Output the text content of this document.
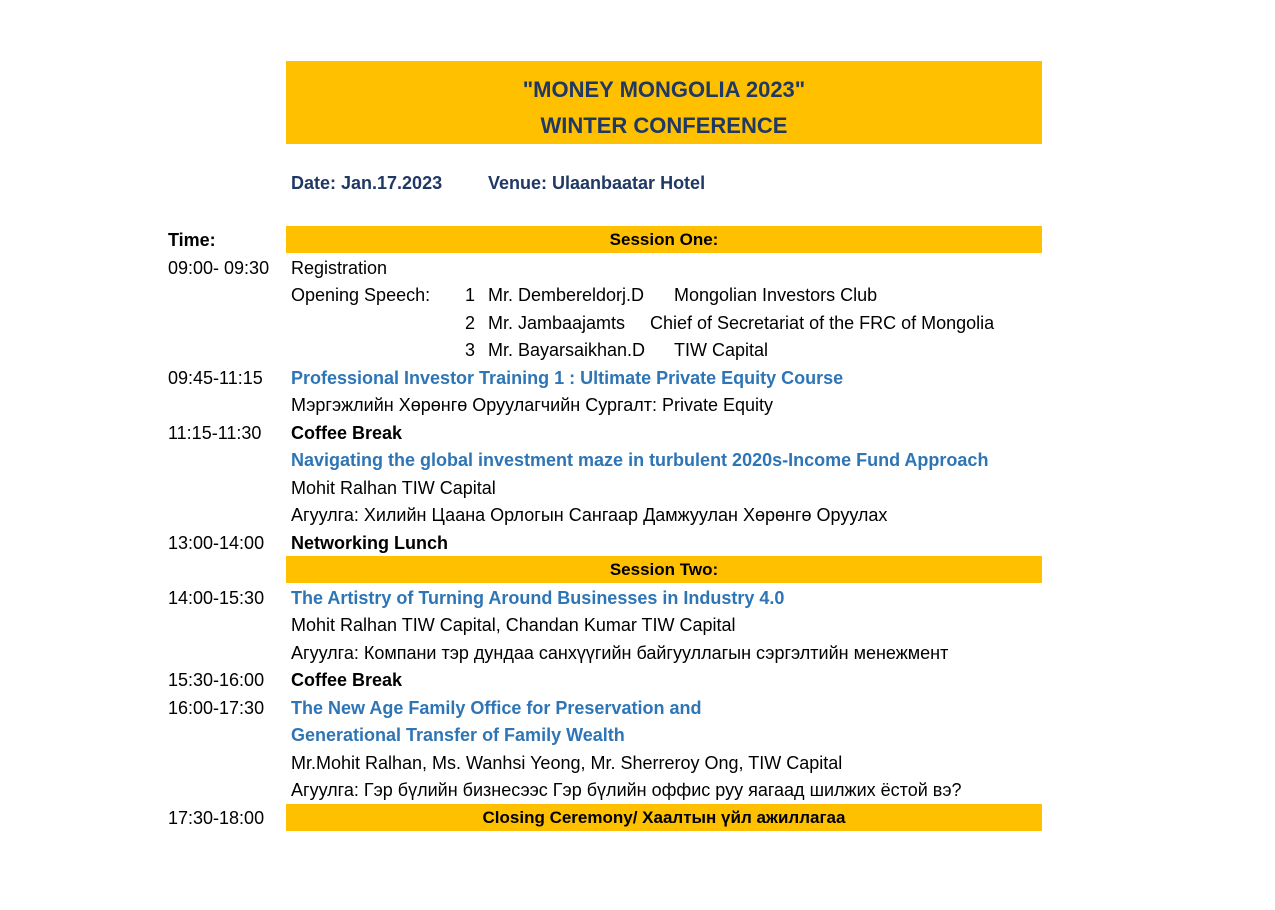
"MONEY MONGOLIA 2023"
WINTER CONFERENCE
Date: Jan.17.2023	Venue: Ulaanbaatar Hotel
Time:	Session One:
09:00- 09:30 Registration
Opening Speech: 1 Mr. Dembereldorj.D Mongolian Investors Club
2 Mr. Jambaajamts Chief of Secretariat of the FRC of Mongolia
3 Mr. Bayarsaikhan.D TIW Capital
09:45-11:15 Professional Investor Training 1 : Ultimate Private Equity Course
Мэргэжлийн Хөрөнгө Оруулагчийн Сургалт: Private Equity
11:15-11:30 Coffee Break
Navigating the global investment maze in turbulent 2020s-Income Fund Approach
Mohit Ralhan TIW Capital
Агуулга: Хилийн Цаана Орлогын Сангаар Дамжуулан Хөрөнгө Оруулах
13:00-14:00 Networking Lunch
Session Two:
14:00-15:30 The Artistry of Turning Around Businesses in Industry 4.0
Mohit Ralhan TIW Capital, Chandan Kumar TIW Capital
Агуулга: Компани тэр дундаа санхүүгийн байгууллагын сэргэлтийн менежмент
15:30-16:00 Coffee Break
16:00-17:30 The New Age Family Office for Preservation and
Generational Transfer of Family Wealth
Mr.Mohit Ralhan, Ms. Wanhsi Yeong, Mr. Sherreroy Ong, TIW Capital
Агуулга: Гэр бүлийн бизнесээс Гэр бүлийн оффис руу яагаад шилжих ёстой вэ?
17:30-18:00	Closing Ceremony/ Хаалтын үйл ажиллагаа
